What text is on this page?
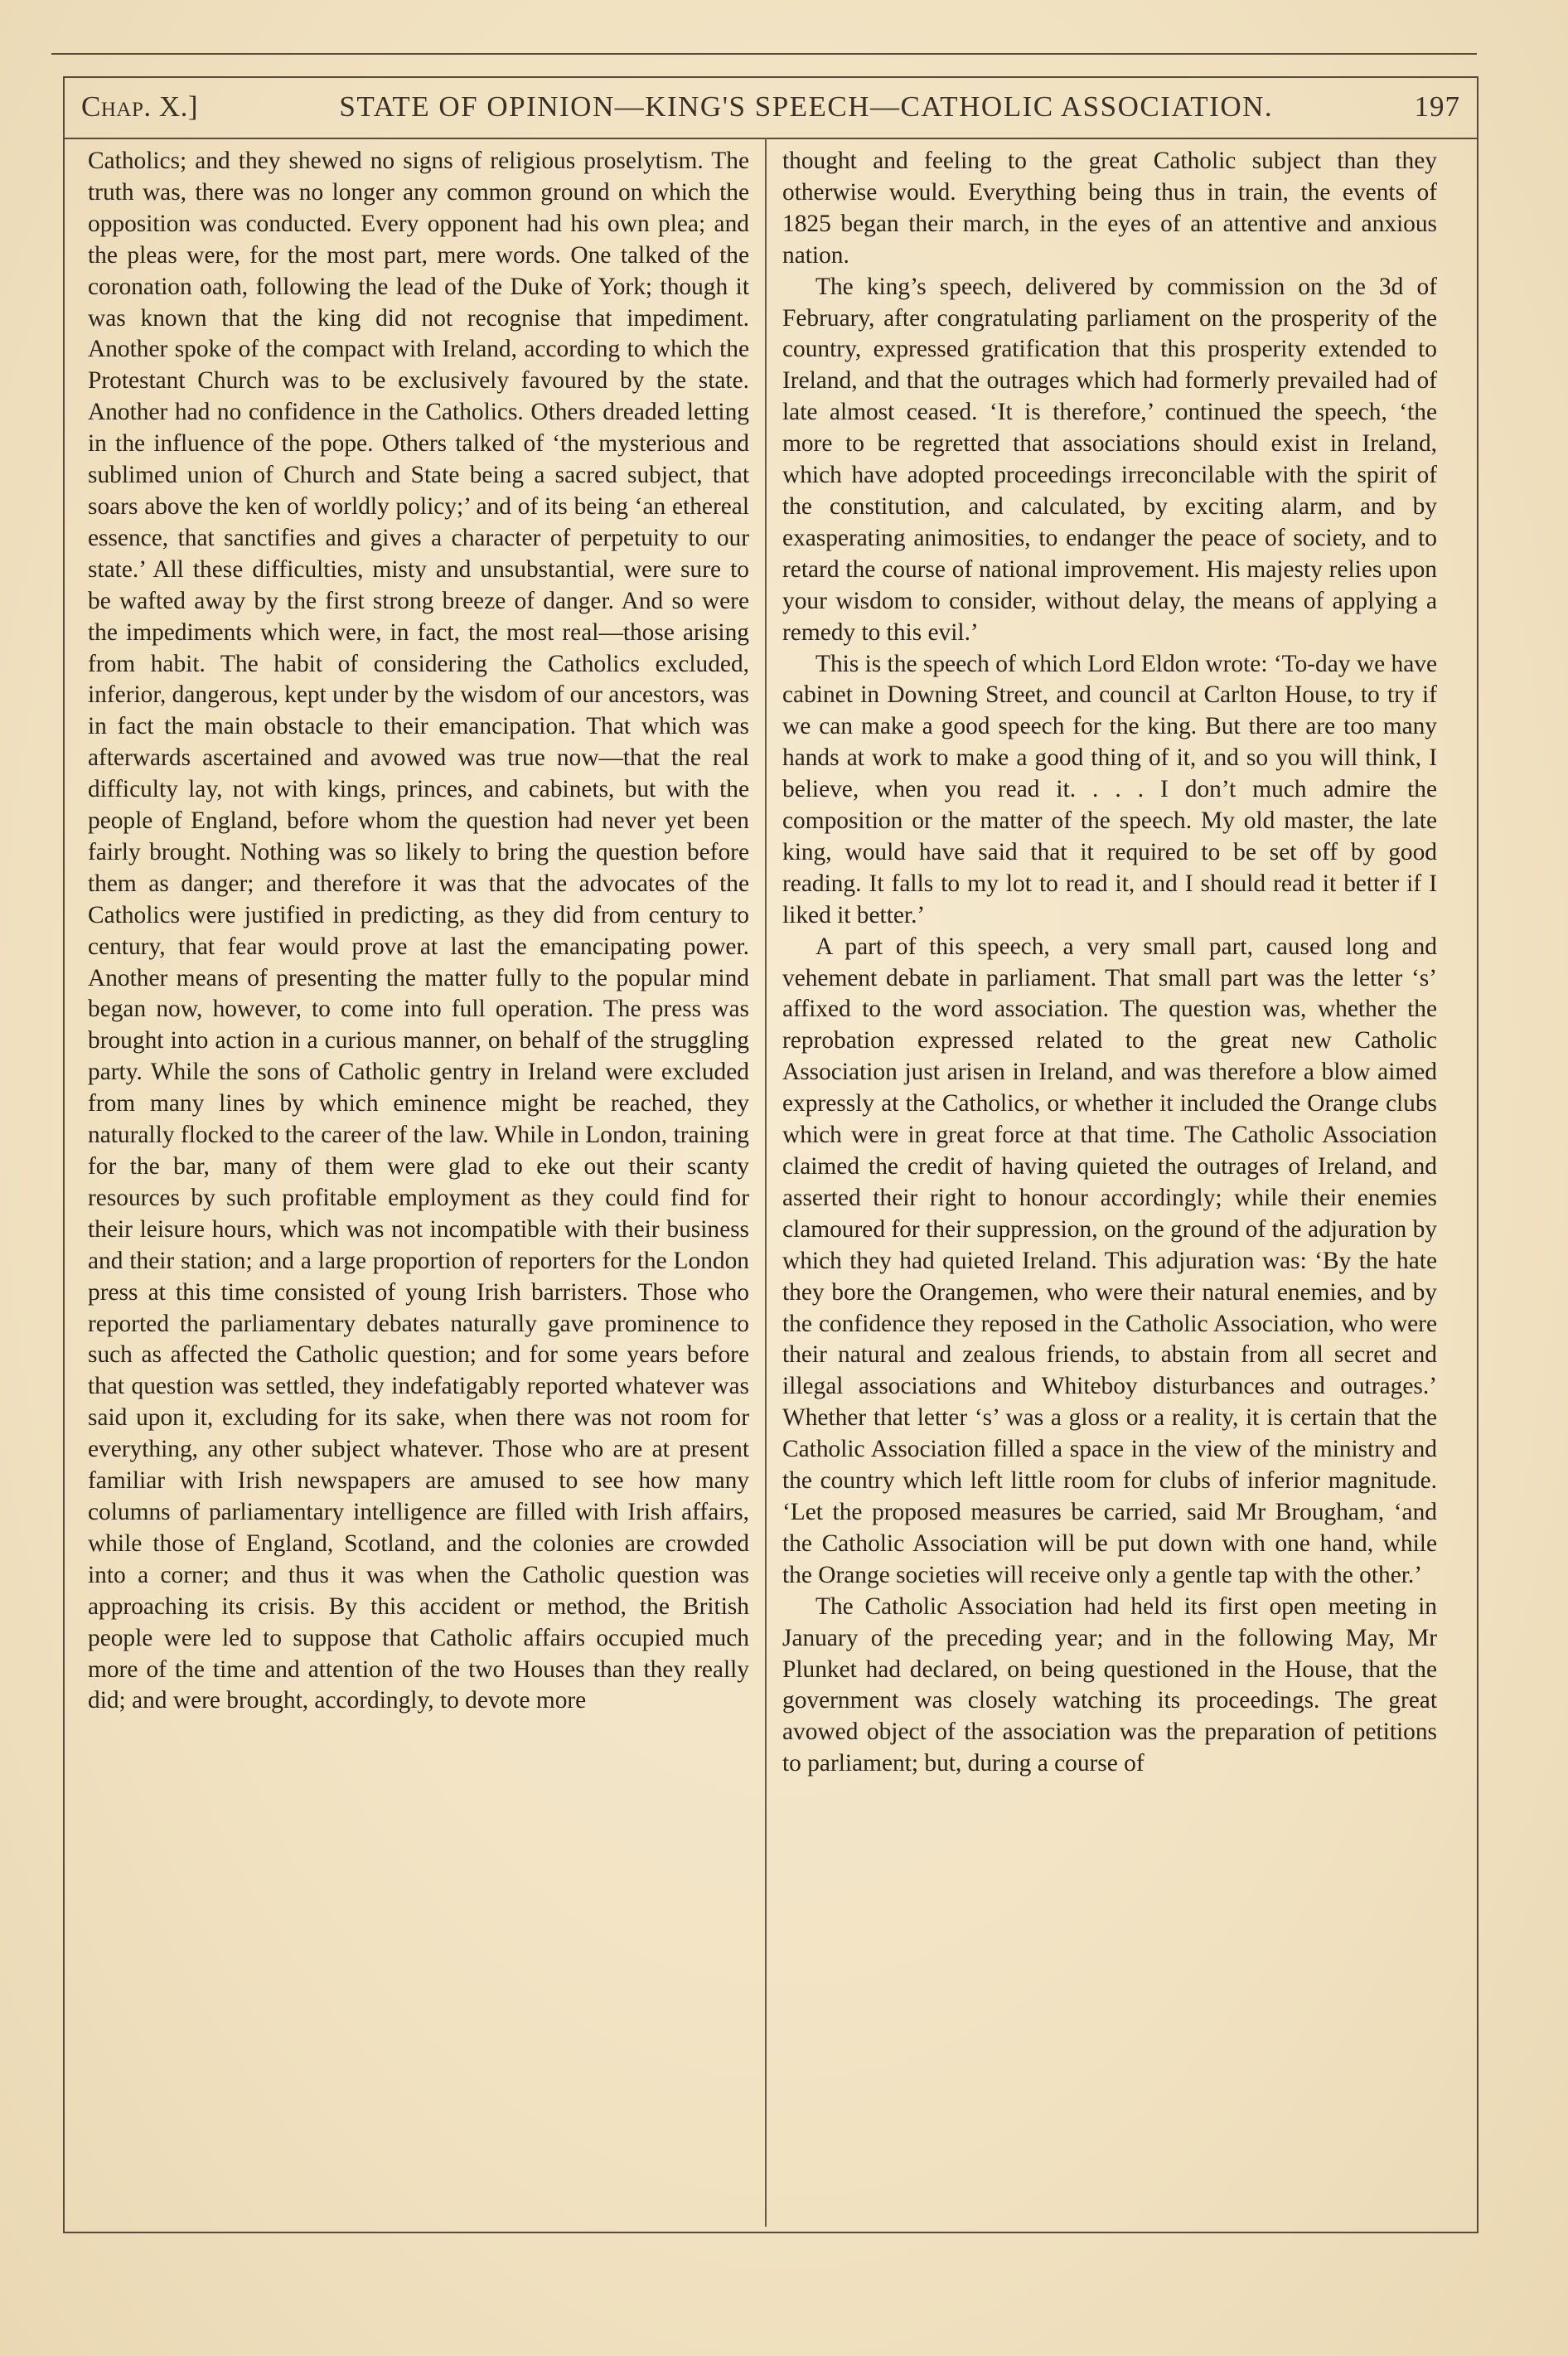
Chap. X.]	STATE OF OPINION—KING'S SPEECH—CATHOLIC ASSOCIATION.	197

Catholics; and they shewed no signs of religious proselytism. The truth was, there was no longer any common ground on which the opposition was conducted. Every opponent had his own plea; and the pleas were, for the most part, mere words. One talked of the coronation oath, following the lead of the Duke of York; though it was known that the king did not recognise that impediment. Another spoke of the compact with Ireland, according to which the Protestant Church was to be exclusively favoured by the state. Another had no confidence in the Catholics. Others dreaded letting in the influence of the pope. Others talked of ‘the mysterious and sublimed union of Church and State being a sacred subject, that soars above the ken of worldly policy;’ and of its being ‘an ethereal essence, that sanctifies and gives a character of perpetuity to our state.’ All these difficulties, misty and unsubstantial, were sure to be wafted away by the first strong breeze of danger. And so were the impediments which were, in fact, the most real—those arising from habit. The habit of considering the Catholics excluded, inferior, dangerous, kept under by the wisdom of our ancestors, was in fact the main obstacle to their emancipation. That which was afterwards ascertained and avowed was true now—that the real difficulty lay, not with kings, princes, and cabinets, but with the people of England, before whom the question had never yet been fairly brought. Nothing was so likely to bring the question before them as danger; and therefore it was that the advocates of the Catholics were justified in predicting, as they did from century to century, that fear would prove at last the emancipating power. Another means of presenting the matter fully to the popular mind began now, however, to come into full operation. The press was brought into action in a curious manner, on behalf of the struggling party. While the sons of Catholic gentry in Ireland were excluded from many lines by which eminence might be reached, they naturally flocked to the career of the law. While in London, training for the bar, many of them were glad to eke out their scanty resources by such profitable employment as they could find for their leisure hours, which was not incompatible with their business and their station; and a large proportion of reporters for the London press at this time consisted of young Irish barristers. Those who reported the parliamentary debates naturally gave prominence to such as affected the Catholic question; and for some years before that question was settled, they indefatigably reported whatever was said upon it, excluding for its sake, when there was not room for everything, any other subject whatever. Those who are at present familiar with Irish newspapers are amused to see how many columns of parliamentary intelligence are filled with Irish affairs, while those of England, Scotland, and the colonies are crowded into a corner; and thus it was when the Catholic question was approaching its crisis. By this accident or method, the British people were led to suppose that Catholic affairs occupied much more of the time and attention of the two Houses than they really did; and were brought, accordingly, to devote more

thought and feeling to the great Catholic subject than they otherwise would. Everything being thus in train, the events of 1825 began their march, in the eyes of an attentive and anxious nation.

The king’s speech, delivered by commission on the 3d of February, after congratulating parliament on the prosperity of the country, expressed gratification that this prosperity extended to Ireland, and that the outrages which had formerly prevailed had of late almost ceased. ‘It is therefore,’ continued the speech, ‘the more to be regretted that associations should exist in Ireland, which have adopted proceedings irreconcilable with the spirit of the constitution, and calculated, by exciting alarm, and by exasperating animosities, to endanger the peace of society, and to retard the course of national improvement. His majesty relies upon your wisdom to consider, without delay, the means of applying a remedy to this evil.’

This is the speech of which Lord Eldon wrote: ‘To-day we have cabinet in Downing Street, and council at Carlton House, to try if we can make a good speech for the king. But there are too many hands at work to make a good thing of it, and so you will think, I believe, when you read it. . . . I don’t much admire the composition or the matter of the speech. My old master, the late king, would have said that it required to be set off by good reading. It falls to my lot to read it, and I should read it better if I liked it better.’

A part of this speech, a very small part, caused long and vehement debate in parliament. That small part was the letter ‘s’ affixed to the word association. The question was, whether the reprobation expressed related to the great new Catholic Association just arisen in Ireland, and was therefore a blow aimed expressly at the Catholics, or whether it included the Orange clubs which were in great force at that time. The Catholic Association claimed the credit of having quieted the outrages of Ireland, and asserted their right to honour accordingly; while their enemies clamoured for their suppression, on the ground of the adjuration by which they had quieted Ireland. This adjuration was: ‘By the hate they bore the Orangemen, who were their natural enemies, and by the confidence they reposed in the Catholic Association, who were their natural and zealous friends, to abstain from all secret and illegal associations and Whiteboy disturbances and outrages.’ Whether that letter ‘s’ was a gloss or a reality, it is certain that the Catholic Association filled a space in the view of the ministry and the country which left little room for clubs of inferior magnitude. ‘Let the proposed measures be carried, said Mr Brougham, ‘and the Catholic Association will be put down with one hand, while the Orange societies will receive only a gentle tap with the other.’

The Catholic Association had held its first open meeting in January of the preceding year; and in the following May, Mr Plunket had declared, on being questioned in the House, that the government was closely watching its proceedings. The great avowed object of the association was the preparation of petitions to parliament; but, during a course of
